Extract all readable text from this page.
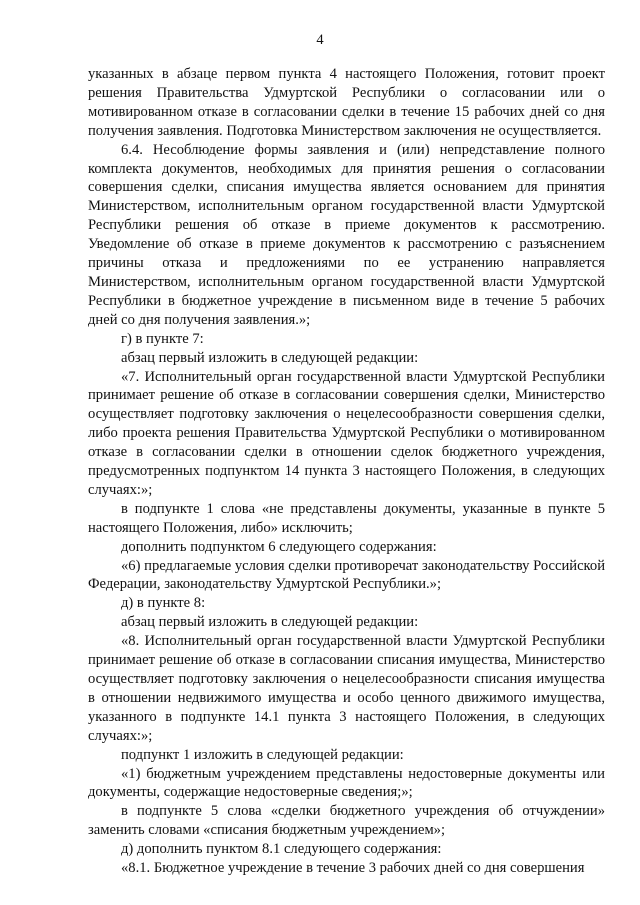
4

указанных в абзаце первом пункта 4 настоящего Положения, готовит проект решения Правительства Удмуртской Республики о согласовании или о мотивированном отказе в согласовании сделки в течение 15 рабочих дней со дня получения заявления. Подготовка Министерством заключения не осуществляется.

6.4. Несоблюдение формы заявления и (или) непредставление полного комплекта документов, необходимых для принятия решения о согласовании совершения сделки, списания имущества является основанием для принятия Министерством, исполнительным органом государственной власти Удмуртской Республики решения об отказе в приеме документов к рассмотрению. Уведомление об отказе в приеме документов к рассмотрению с разъяснением причины отказа и предложениями по ее устранению направляется Министерством, исполнительным органом государственной власти Удмуртской Республики в бюджетное учреждение в письменном виде в течение 5 рабочих дней со дня получения заявления.»;

г) в пункте 7:

абзац первый изложить в следующей редакции:

«7. Исполнительный орган государственной власти Удмуртской Республики принимает решение об отказе в согласовании совершения сделки, Министерство осуществляет подготовку заключения о нецелесообразности совершения сделки, либо проекта решения Правительства Удмуртской Республики о мотивированном отказе в согласовании сделки в отношении сделок бюджетного учреждения, предусмотренных подпунктом 14 пункта 3 настоящего Положения, в следующих случаях:»;

в подпункте 1 слова «не представлены документы, указанные в пункте 5 настоящего Положения, либо» исключить;

дополнить подпунктом 6 следующего содержания:

«6) предлагаемые условия сделки противоречат законодательству Российской Федерации, законодательству Удмуртской Республики.»;

д) в пункте 8:

абзац первый изложить в следующей редакции:

«8. Исполнительный орган государственной власти Удмуртской Республики принимает решение об отказе в согласовании списания имущества, Министерство осуществляет подготовку заключения о нецелесообразности списания имущества в отношении недвижимого имущества и особо ценного движимого имущества, указанного в подпункте 14.1 пункта 3 настоящего Положения, в следующих случаях:»;

подпункт 1 изложить в следующей редакции:

«1) бюджетным учреждением представлены недостоверные документы или документы, содержащие недостоверные сведения;»;

в подпункте 5 слова «сделки бюджетного учреждения об отчуждении» заменить словами «списания бюджетным учреждением»;

д) дополнить пунктом 8.1 следующего содержания:

«8.1. Бюджетное учреждение в течение 3 рабочих дней со дня совершения
